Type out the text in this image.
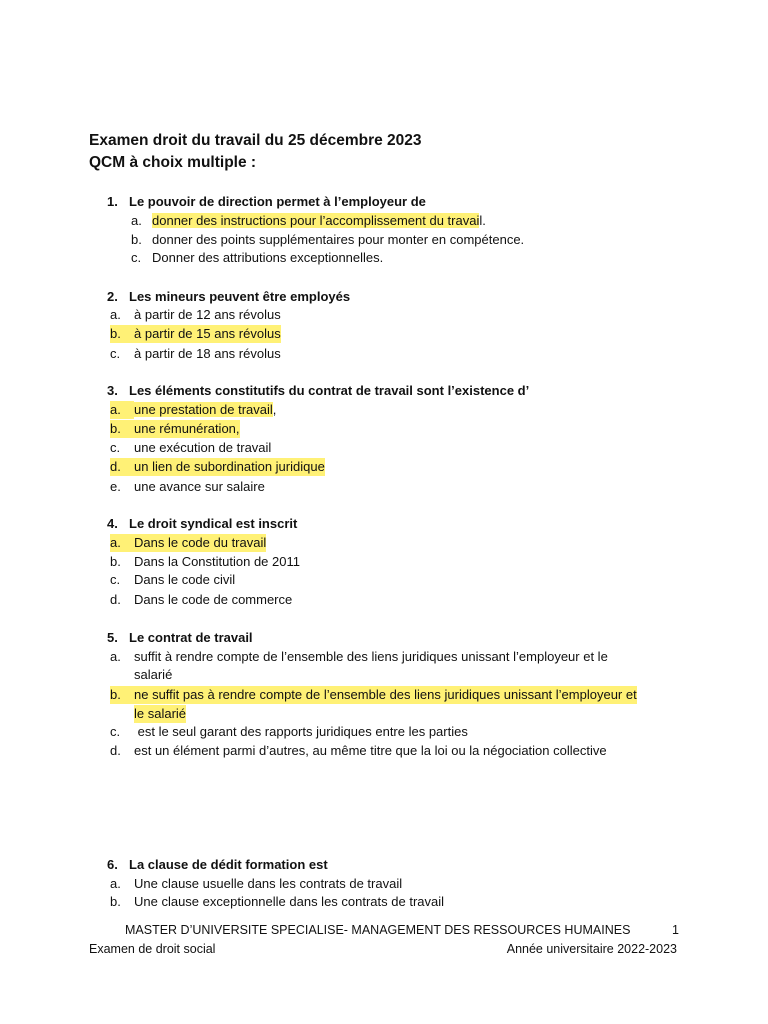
Examen droit du travail du 25 décembre 2023
QCM à choix multiple :
1. Le pouvoir de direction permet à l’employeur de
a. donner des instructions pour l’accomplissement du travail.
b. donner des points supplémentaires pour monter en compétence.
c. Donner des attributions exceptionnelles.
2. Les mineurs peuvent être employés
a. à partir de 12 ans révolus
b. à partir de 15 ans révolus
c. à partir de 18 ans révolus
3. Les éléments constitutifs du contrat de travail sont l’existence d’
a. une prestation de travail,
b. une rémunération,
c. une exécution de travail
d. un lien de subordination juridique
e. une avance sur salaire
4. Le droit syndical est inscrit
a. Dans le code du travail
b. Dans la Constitution de 2011
c. Dans le code civil
d. Dans le code de commerce
5. Le contrat de travail
a. suffit à rendre compte de l’ensemble des liens juridiques unissant l’employeur et le
salarié
b. ne suffit pas à rendre compte de l’ensemble des liens juridiques unissant l’employeur et
le salarié
c. est le seul garant des rapports juridiques entre les parties
d. est un élément parmi d’autres, au même titre que la loi ou la négociation collective
6. La clause de dédit formation est
a. Une clause usuelle dans les contrats de travail
b. Une clause exceptionnelle dans les contrats de travail
MASTER D’UNIVERSITE SPECIALISE- MANAGEMENT DES RESSOURCES HUMAINES	1
Examen de droit social	Année universitaire 2022-2023
